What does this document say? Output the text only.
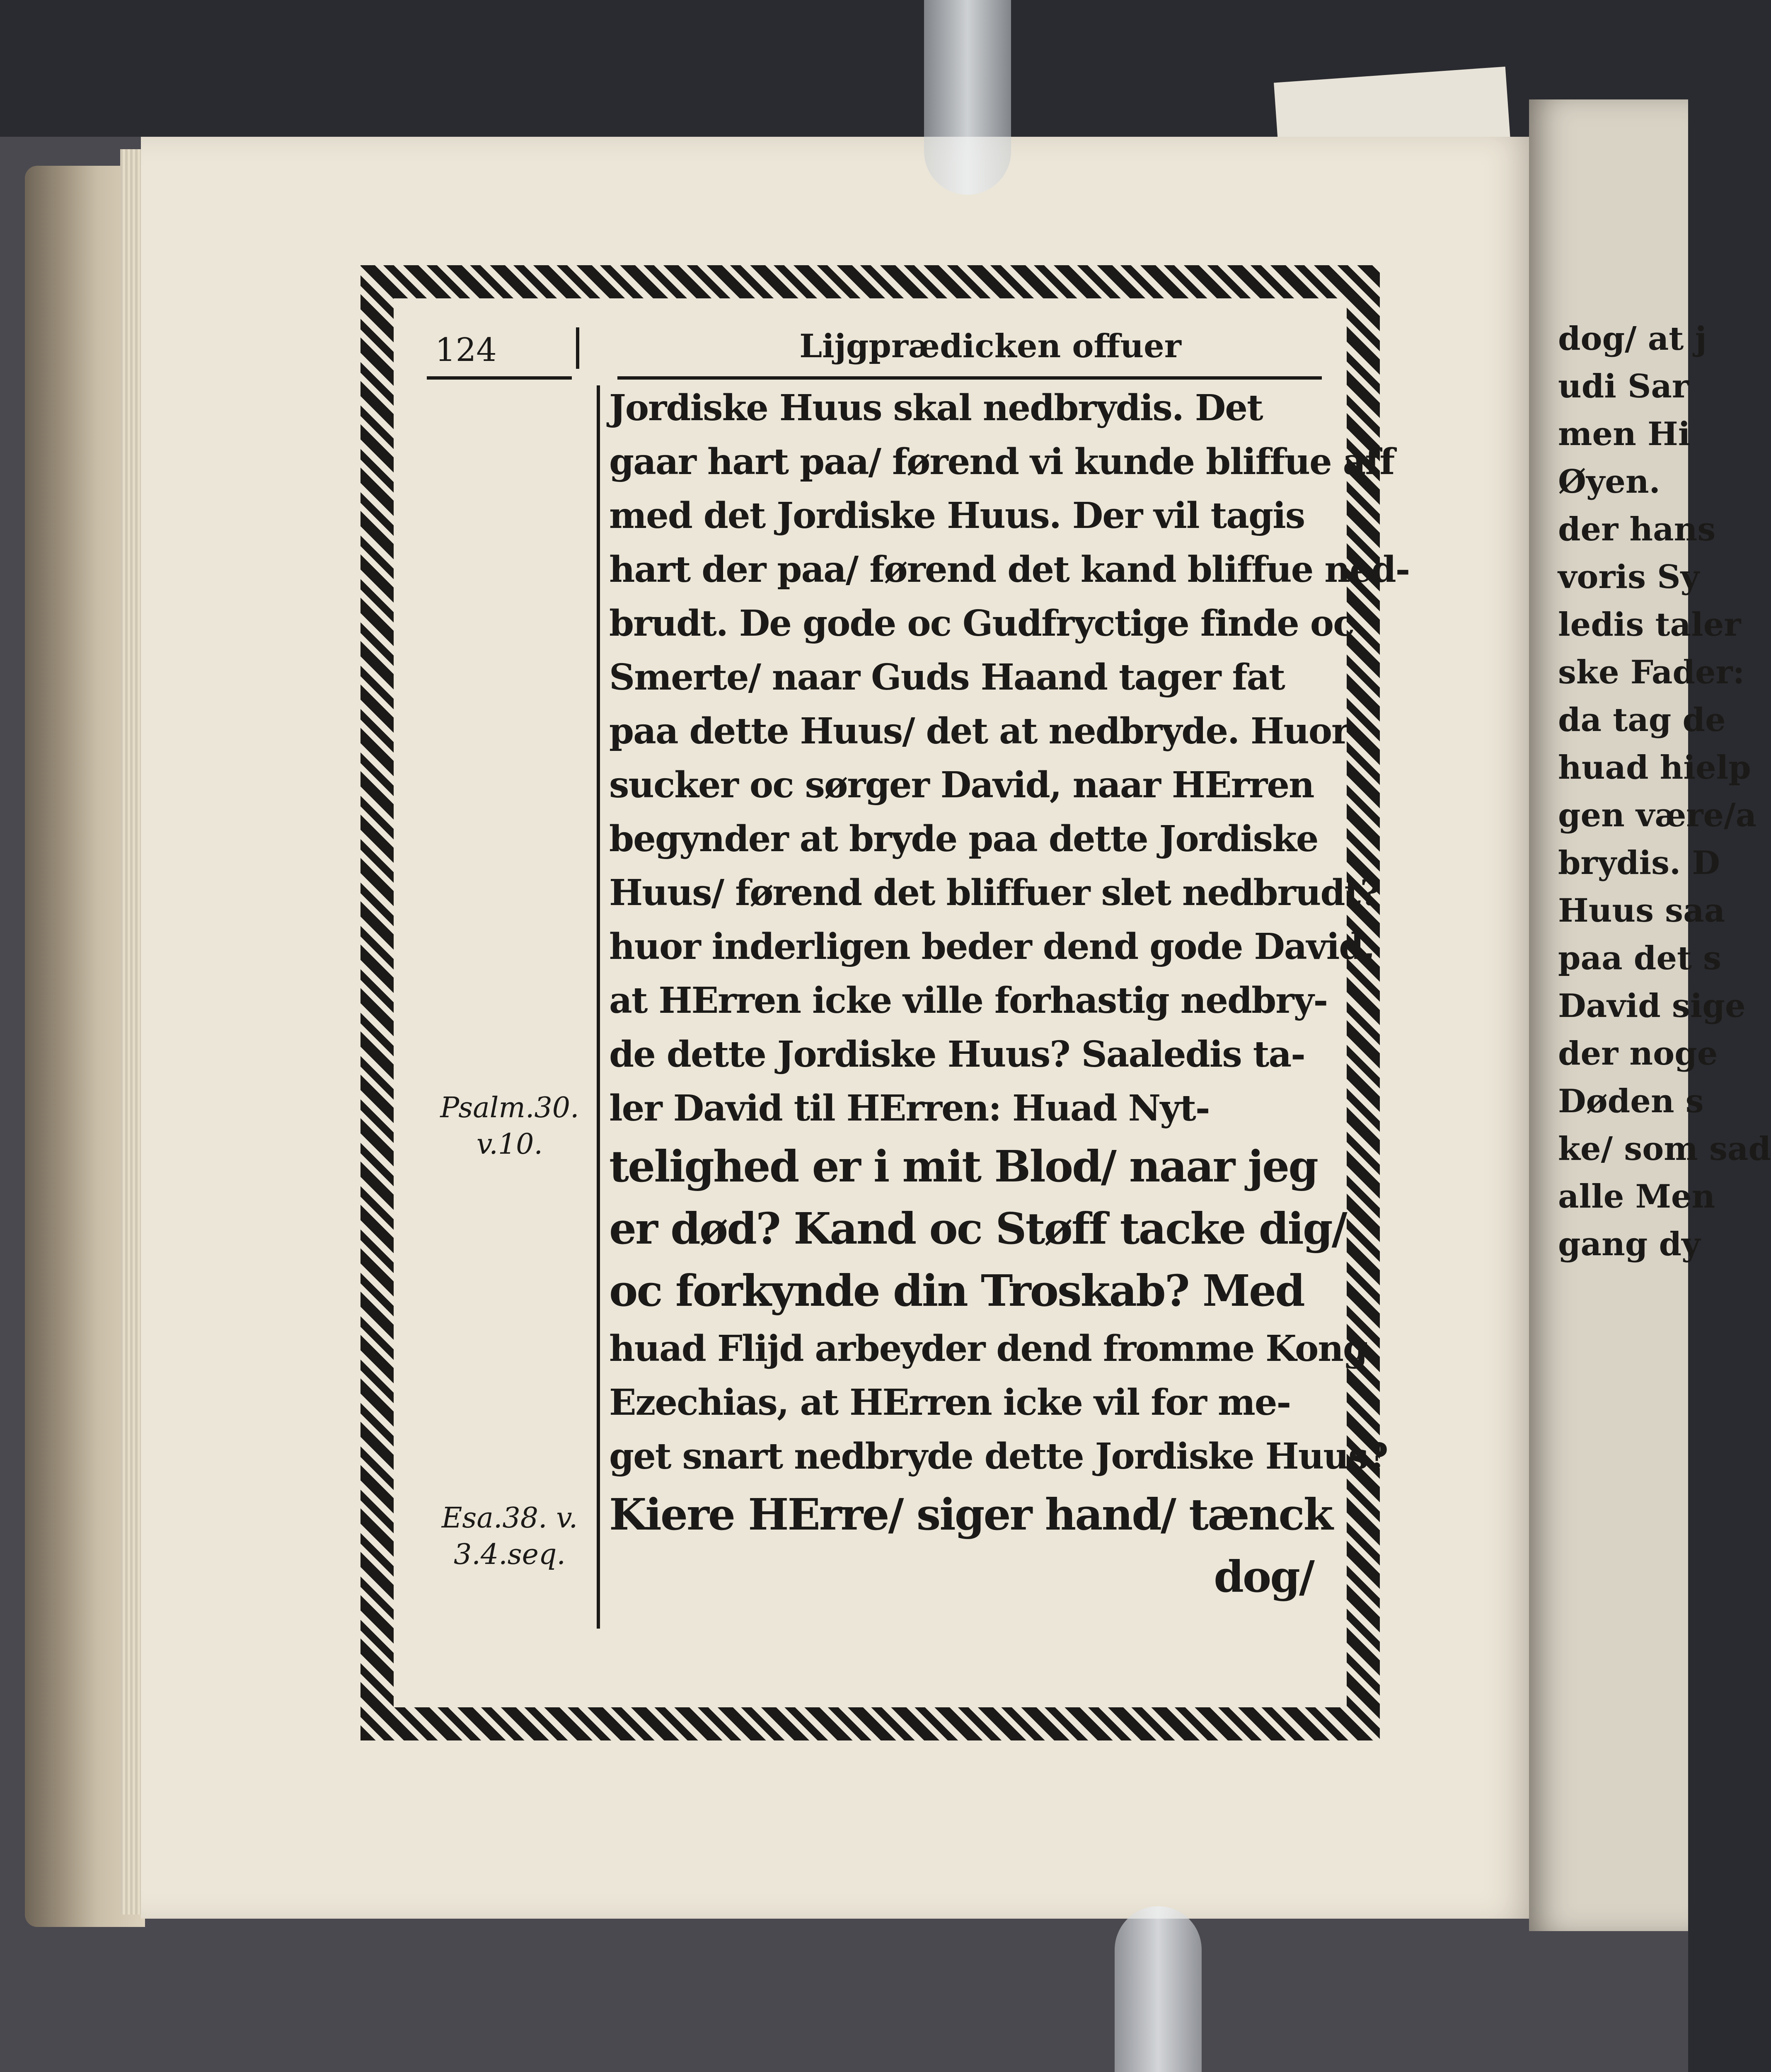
dog/ at j
udi Sar
men Hi
Øyen.
der hans
voris Sy
ledis taler
ske Fader:
da tag de
huad hielp
gen være/a
brydis. D
Huus saa
paa det s
David sige
der noge
Døden s
ke/ som sad
alle Men
gang dy
124	Lijgprædicken offuer
Psalm.30.
v.10.
Esa.38. v.
3.4.seq.
Jordiske Huus skal nedbrydis. Det
gaar hart paa/ førend vi kunde bliffue aff
med det Jordiske Huus. Der vil tagis
hart der paa/ førend det kand bliffue ned-
brudt. De gode oc Gudfryctige finde oc
Smerte/ naar Guds Haand tager fat
paa dette Huus/ det at nedbryde. Huor
sucker oc sørger David, naar HErren
begynder at bryde paa dette Jordiske
Huus/ førend det bliffuer slet nedbrudt?
huor inderligen beder dend gode David,
at HErren icke ville forhastig nedbry-
de dette Jordiske Huus? Saaledis ta-
ler David til HErren: Huad Nyt-
telighed er i mit Blod/ naar jeg
er død? Kand oc Støff tacke dig/
oc forkynde din Troskab? Med
huad Flijd arbeyder dend fromme Kong
Ezechias, at HErren icke vil for me-
get snart nedbryde dette Jordiske Huus?
Kiere HErre/ siger hand/ tænck
dog/
